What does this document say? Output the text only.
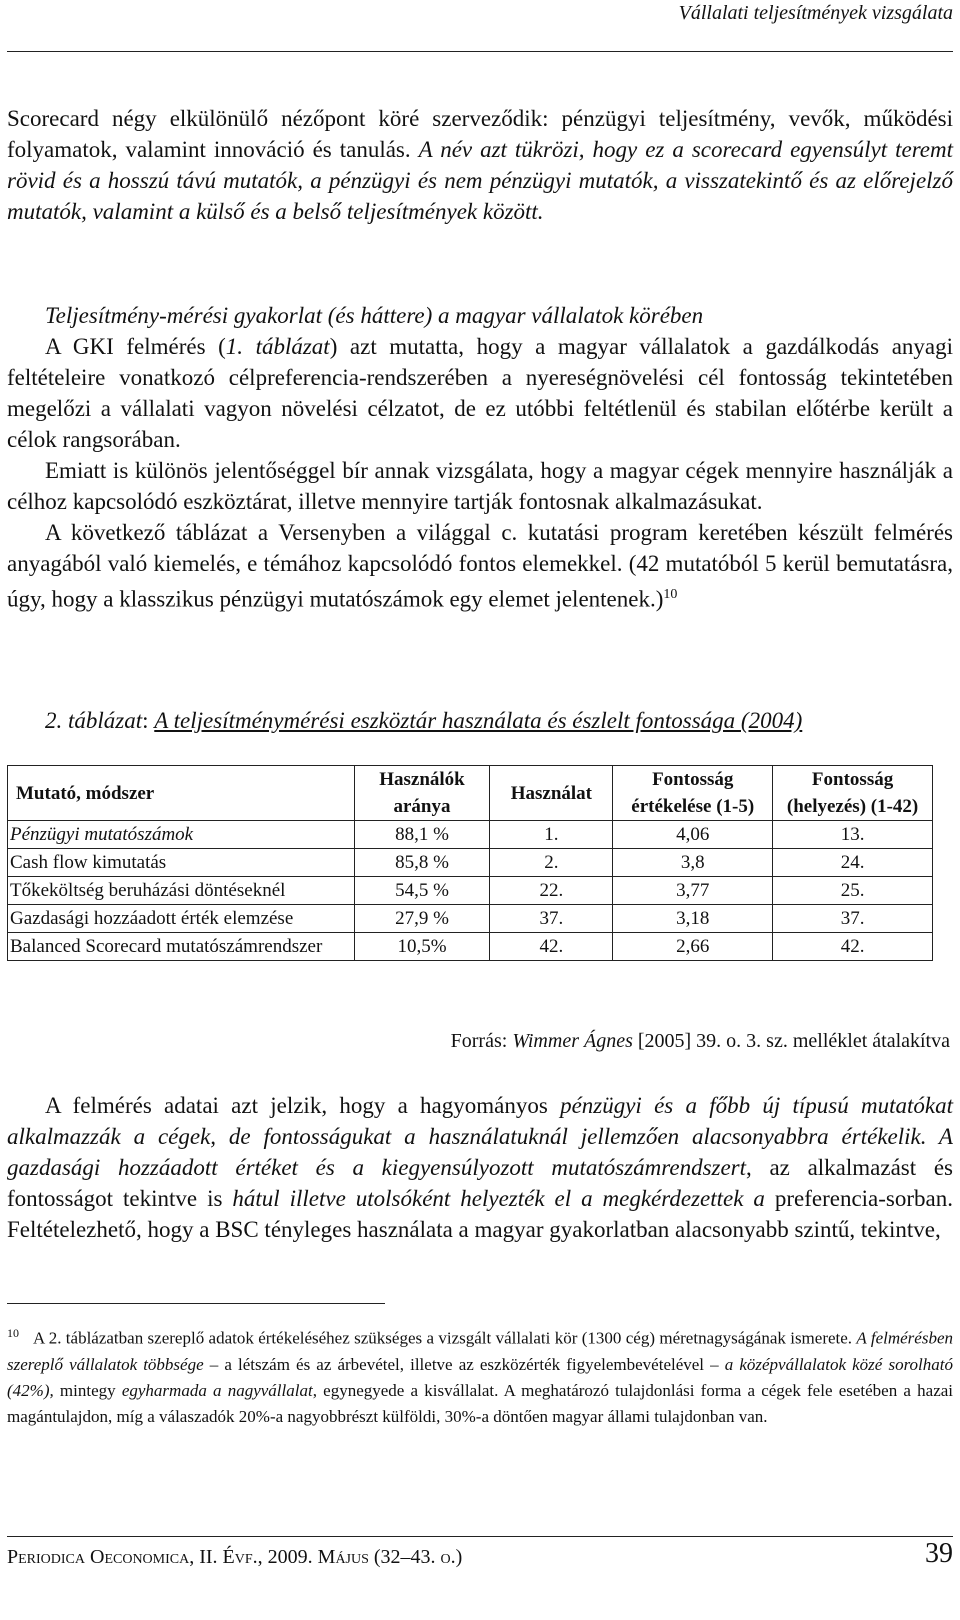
Vállalati teljesítmények vizsgálata

Scorecard négy elkülönülő nézőpont köré szerveződik: pénzügyi teljesítmény, vevők, működési folyamatok, valamint innováció és tanulás. A név azt tükrözi, hogy ez a scorecard egyensúlyt teremt rövid és a hosszú távú mutatók, a pénzügyi és nem pénzügyi mutatók, a visszatekintő és az előrejelző mutatók, valamint a külső és a belső teljesítmények között.

Teljesítmény-mérési gyakorlat (és háttere) a magyar vállalatok körében

A GKI felmérés (1. táblázat) azt mutatta, hogy a magyar vállalatok a gazdálkodás anyagi feltételeire vonatkozó célpreferencia-rendszerében a nyereségnövelési cél fontosság tekintetében megelőzi a vállalati vagyon növelési célzatot, de ez utóbbi feltétlenül és stabilan előtérbe került a célok rangsorában.

Emiatt is különös jelentőséggel bír annak vizsgálata, hogy a magyar cégek mennyire használják a célhoz kapcsolódó eszköztárat, illetve mennyire tartják fontosnak alkalmazásukat.

A következő táblázat a Versenyben a világgal c. kutatási program keretében készült felmérés anyagából való kiemelés, e témához kapcsolódó fontos elemekkel. (42 mutatóból 5 kerül bemutatásra, úgy, hogy a klasszikus pénzügyi mutatószámok egy elemet jelentenek.)$^{10}$

2. táblázat: A teljesítménymérési eszköztár használata és észlelt fontossága (2004)
Mutató, módszer	Használók aránya	Használat	Fontosság értékelése (1-5)	Fontosság (helyezés) (1-42)
Pénzügyi mutatószámok	88,1 %	1.	4,06	13.
Cash flow kimutatás	85,8 %	2.	3,8	24.
Tőkeköltség beruházási döntéseknél	54,5 %	22.	3,77	25.
Gazdasági hozzáadott érték elemzése	27,9 %	37.	3,18	37.
Balanced Scorecard mutatószámrendszer	10,5%	42.	2,66	42.
Forrás: Wimmer Ágnes [2005] 39. o. 3. sz. melléklet átalakítva

A felmérés adatai azt jelzik, hogy a hagyományos pénzügyi és a főbb új típusú mutatókat alkalmazzák a cégek, de fontosságukat a használatuknál jellemzően alacsonyabbra értékelik. A gazdasági hozzáadott értéket és a kiegyensúlyozott mutatószámrendszert, az alkalmazást és fontosságot tekintve is hátul illetve utolsóként helyezték el a megkérdezettek a preferencia-sorban. Feltételezhető, hogy a BSC tényleges használata a magyar gyakorlatban alacsonyabb szintű, tekintve,

$^{10}$ A 2. táblázatban szereplő adatok értékeléséhez szükséges a vizsgált vállalati kör (1300 cég) méretnagyságának ismerete. A felmérésben szereplő vállalatok többsége – a létszám és az árbevétel, illetve az eszközérték figyelembevételével – a középvállalatok közé sorolható (42%), mintegy egyharmada a nagyvállalat, egynegyede a kisvállalat. A meghatározó tulajdonlási forma a cégek fele esetében a hazai magántulajdon, míg a válaszadók 20%-a nagyobbrészt külföldi, 30%-a döntően magyar állami tulajdonban van.

Periodica Oeconomica, II. Évf., 2009. Május (32–43. o.)	39
